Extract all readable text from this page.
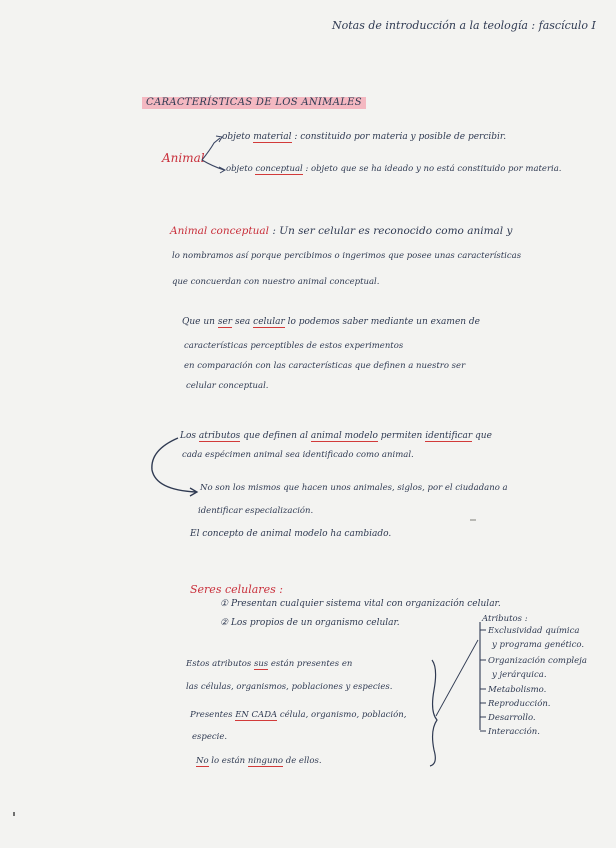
Notas de introducción a la teología : fascículo I
CARACTERÍSTICAS DE LOS ANIMALES
Animal
objeto material : constituido por materia y posible de percibir.
objeto conceptual : objeto que se ha ideado y no está constituido por materia.
Animal conceptual : Un ser celular es reconocido como animal y
lo nombramos así porque percibimos o ingerimos que posee unas características
que concuerdan con nuestro animal conceptual.
Que un ser sea celular lo podemos saber mediante un examen de
características perceptibles de estos experimentos
en comparación con las características que definen a nuestro ser
celular conceptual.
Los atributos que definen al animal modelo permiten identificar que
cada espécimen animal sea identificado como animal.
No son los mismos que hacen unos animales, siglos, por el ciudadano a
identificar especialización.
El concepto de animal modelo ha cambiado.
Seres celulares :
① Presentan cualquier sistema vital con organización celular.
② Los propios de un organismo celular.
Estos atributos sus están presentes en
las células, organismos, poblaciones y especies.
Presentes EN CADA célula, organismo, población,
especie.
No lo están ninguno de ellos.
Atributos :
Exclusividad química
y programa genético.
Organización compleja
y jerárquica.
Metabolismo.
Reproducción.
Desarrollo.
Interacción.
